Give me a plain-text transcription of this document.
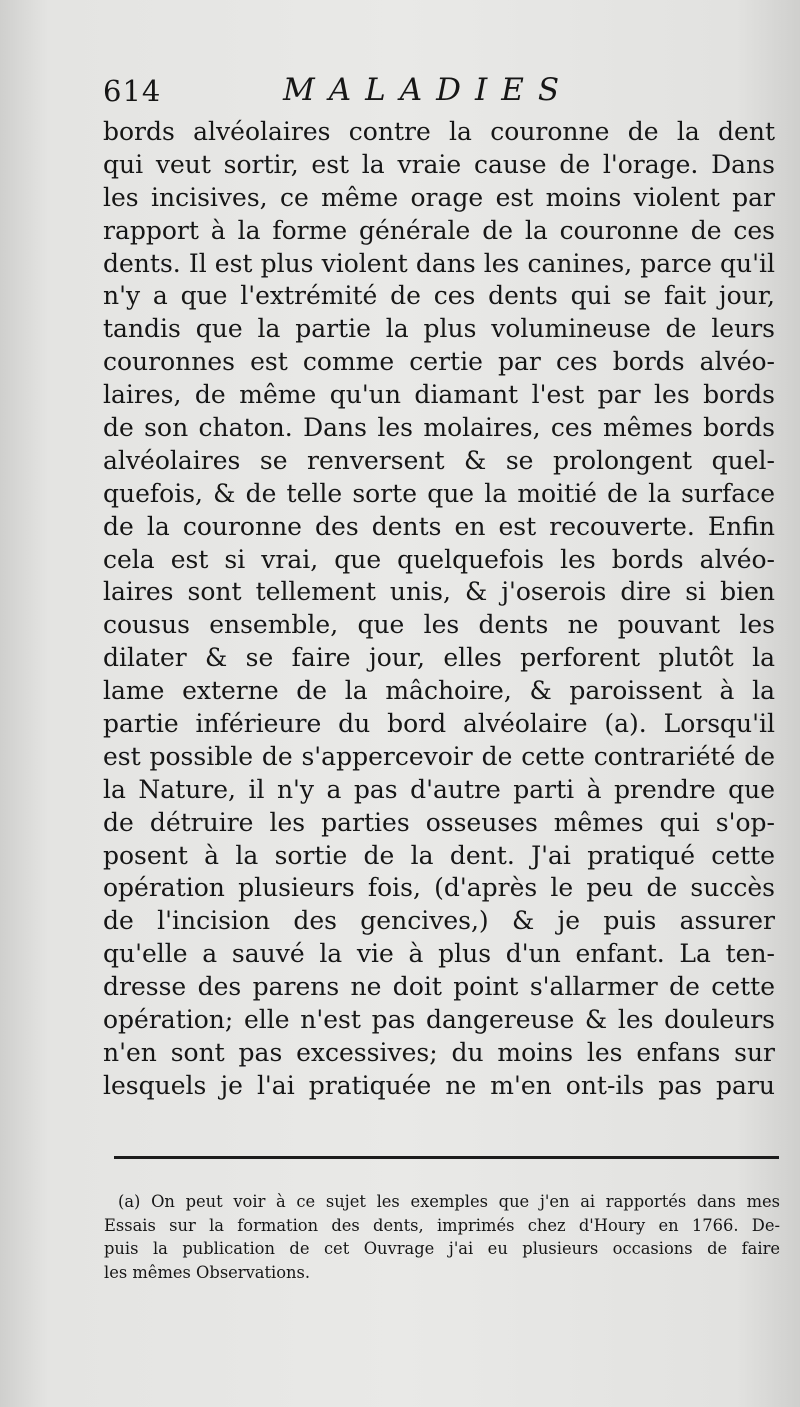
614	MALADIES
bords alvéolaires contre la couronne de la dent
qui veut sortir, est la vraie cause de l'orage. Dans
les incisives, ce même orage est moins violent par
rapport à la forme générale de la couronne de ces
dents. Il est plus violent dans les canines, parce qu'il
n'y a que l'extrémité de ces dents qui se fait jour,
tandis que la partie la plus volumineuse de leurs
couronnes est comme certie par ces bords alvéo-
laires, de même qu'un diamant l'est par les bords
de son chaton. Dans les molaires, ces mêmes bords
alvéolaires se renversent & se prolongent quel-
quefois, & de telle sorte que la moitié de la surface
de la couronne des dents en est recouverte. Enfin
cela est si vrai, que quelquefois les bords alvéo-
laires sont tellement unis, & j'oserois dire si bien
cousus ensemble, que les dents ne pouvant les
dilater & se faire jour, elles perforent plutôt la
lame externe de la mâchoire, & paroissent à la
partie inférieure du bord alvéolaire (a). Lorsqu'il
est possible de s'appercevoir de cette contrariété de
la Nature, il n'y a pas d'autre parti à prendre que
de détruire les parties osseuses mêmes qui s'op-
posent à la sortie de la dent. J'ai pratiqué cette
opération plusieurs fois, (d'après le peu de succès
de l'incision des gencives,) & je puis assurer
qu'elle a sauvé la vie à plus d'un enfant. La ten-
dresse des parens ne doit point s'allarmer de cette
opération; elle n'est pas dangereuse & les douleurs
n'en sont pas excessives; du moins les enfans sur
lesquels je l'ai pratiquée ne m'en ont-ils pas paru
(a) On peut voir à ce sujet les exemples que j'en ai rapportés dans mes
Essais sur la formation des dents, imprimés chez d'Houry en 1766. De-
puis la publication de cet Ouvrage j'ai eu plusieurs occasions de faire
les mêmes Observations.
